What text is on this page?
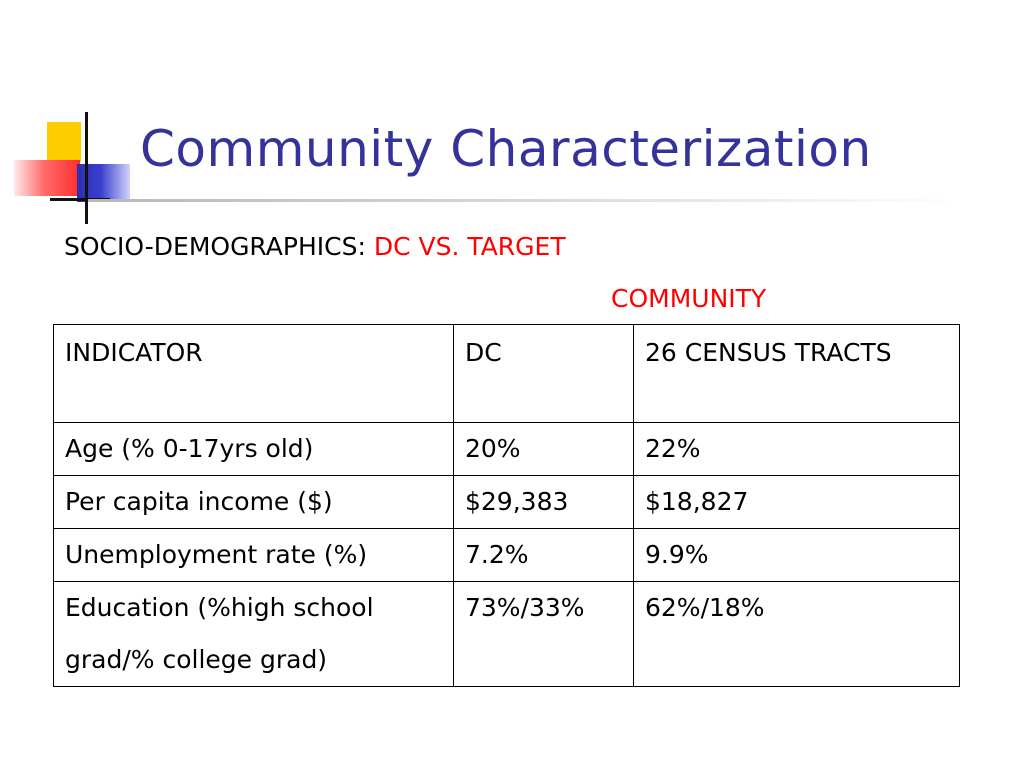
Community Characterization
SOCIO-DEMOGRAPHICS: DC VS. TARGET
COMMUNITY
INDICATOR	DC	26 CENSUS TRACTS
Age (% 0-17yrs old)	20%	22%
Per capita income ($)	$29,383	$18,827
Unemployment rate (%)	7.2%	9.9%
Education (%high school grad/% college grad)	73%/33%	62%/18%
